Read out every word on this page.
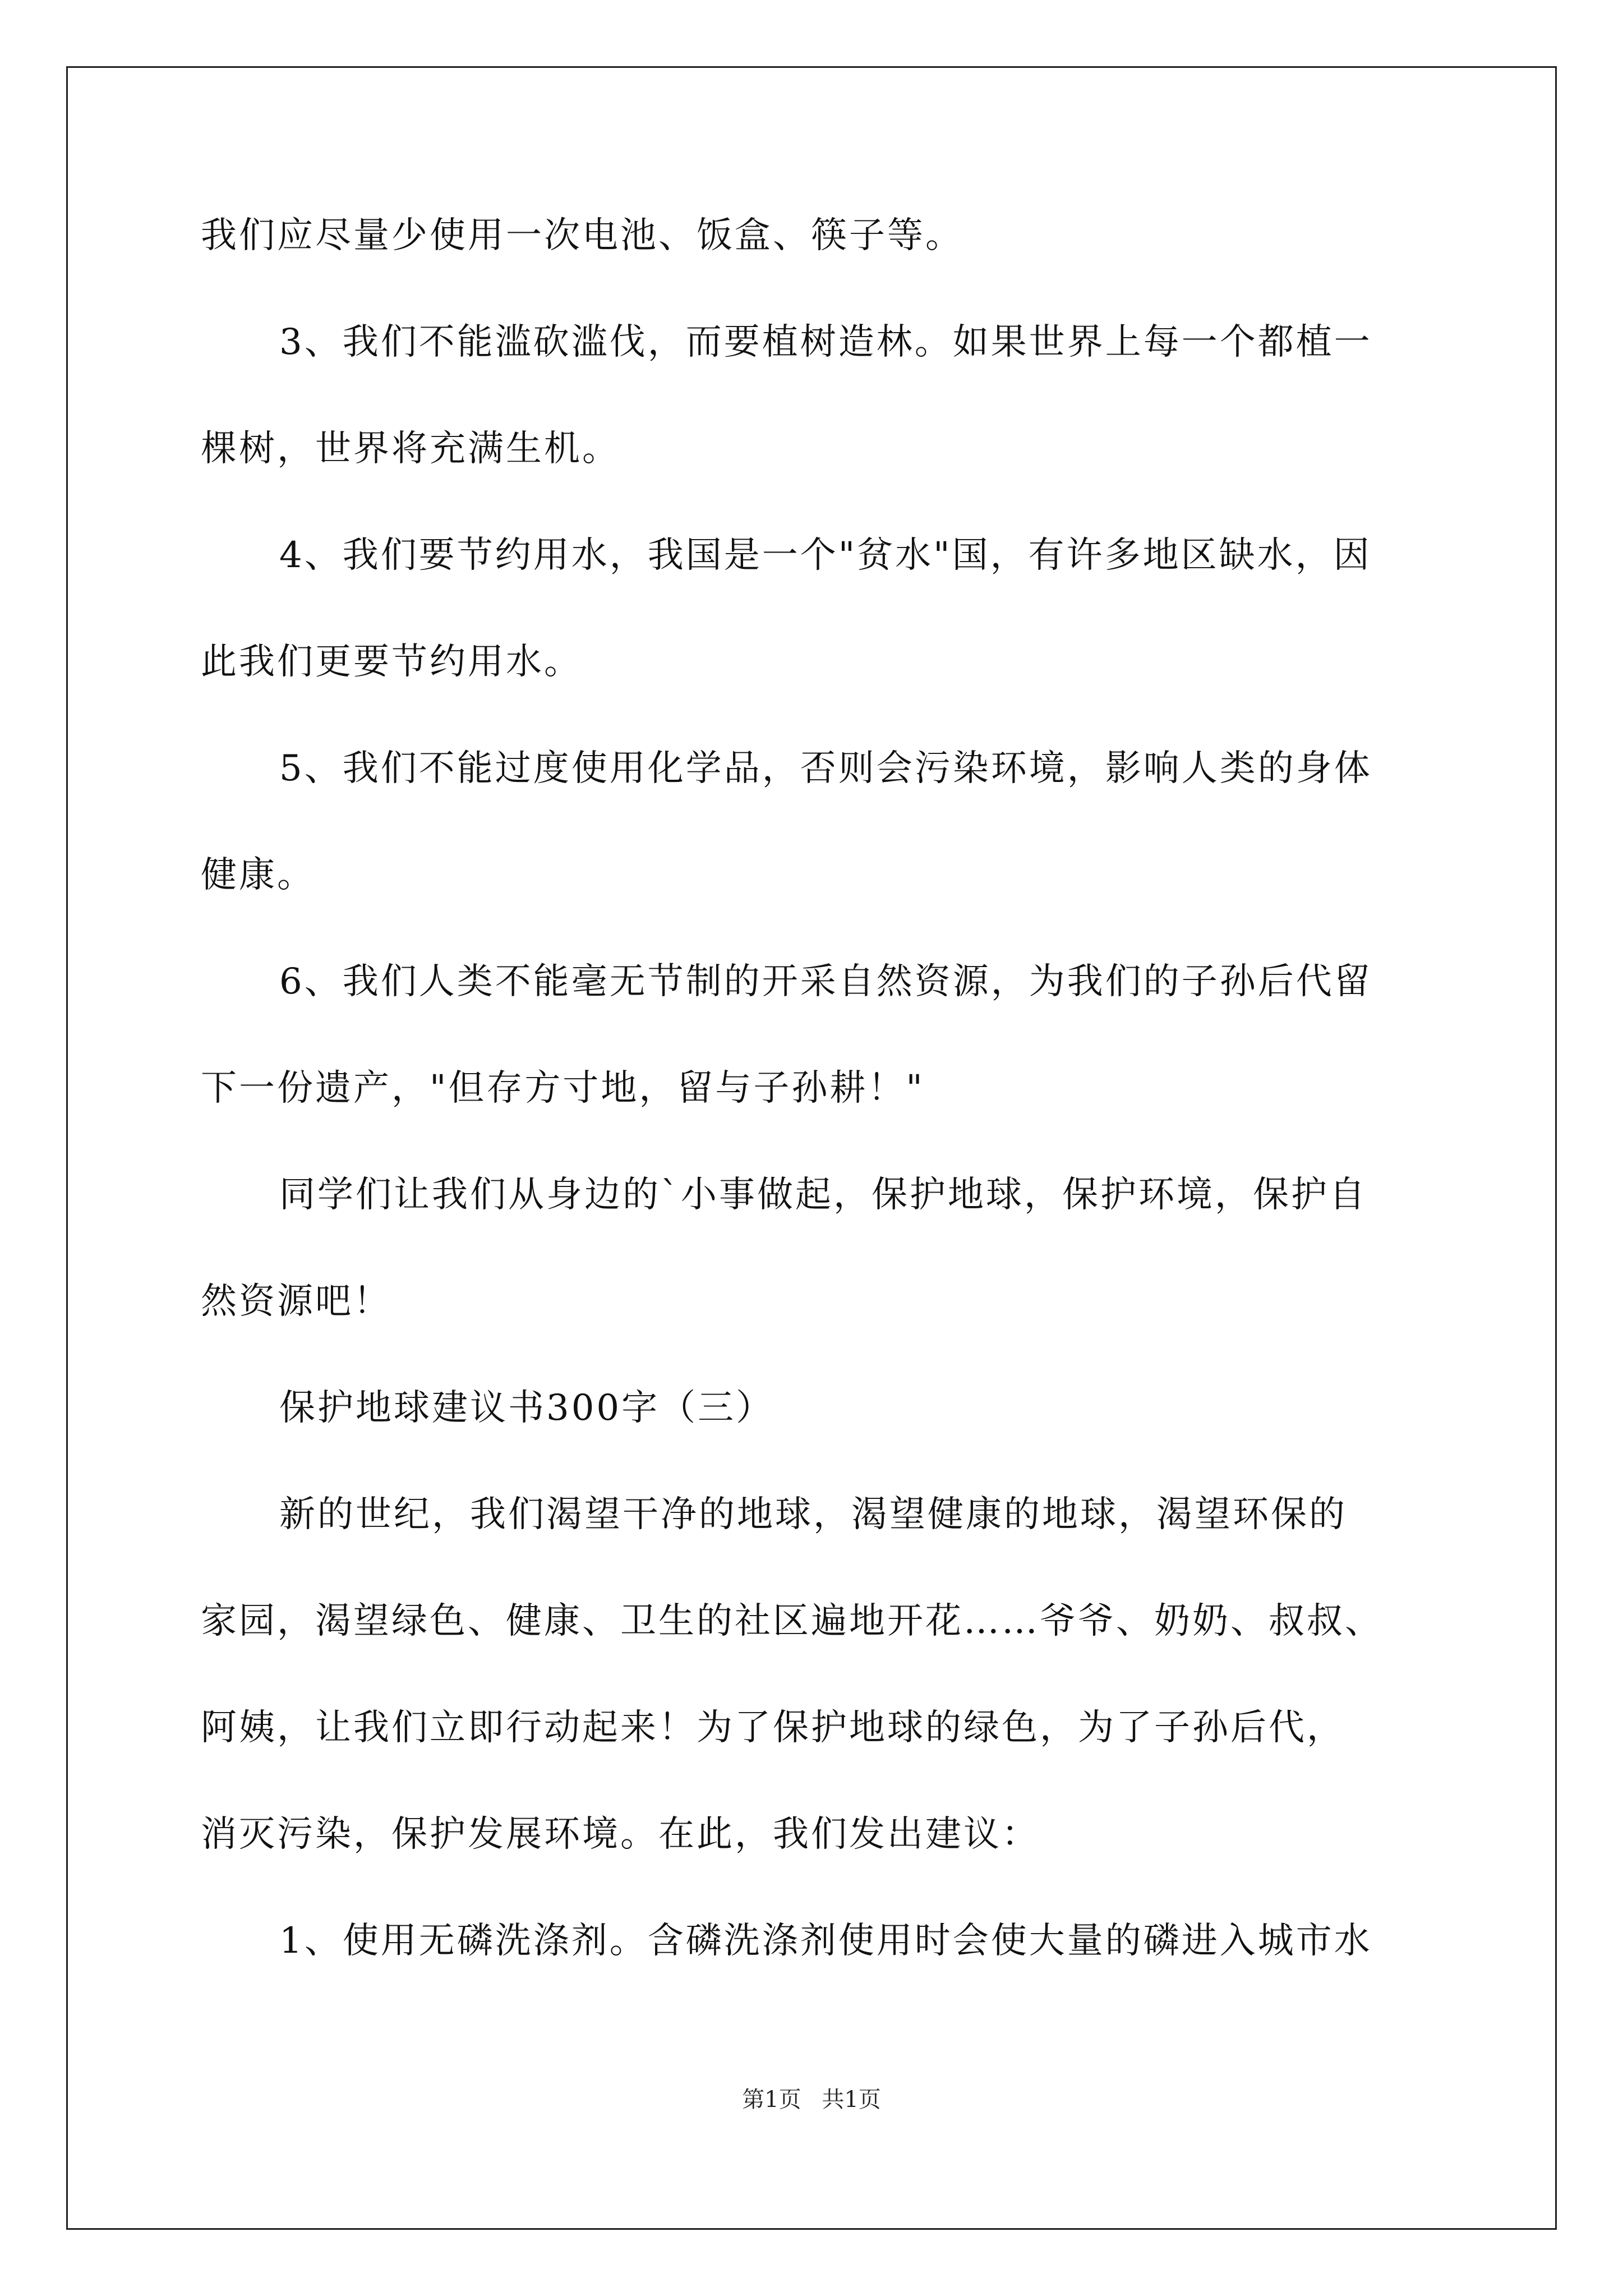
我们应尽量少使用一次电池、饭盒、筷子等。
3、我们不能滥砍滥伐，而要植树造林。如果世界上每一个都植一
棵树，世界将充满生机。
4、我们要节约用水，我国是一个"贫水"国，有许多地区缺水，因
此我们更要节约用水。
5、我们不能过度使用化学品，否则会污染环境，影响人类的身体
健康。
6、我们人类不能毫无节制的开采自然资源，为我们的子孙后代留
下一份遗产，"但存方寸地，留与子孙耕！"
同学们让我们从身边的`小事做起，保护地球，保护环境，保护自
然资源吧！
保护地球建议书300字（三）
新的世纪，我们渴望干净的地球，渴望健康的地球，渴望环保的
家园，渴望绿色、健康、卫生的社区遍地开花……爷爷、奶奶、叔叔、
阿姨，让我们立即行动起来！为了保护地球的绿色，为了子孙后代，
消灭污染，保护发展环境。在此，我们发出建议：
1、使用无磷洗涤剂。含磷洗涤剂使用时会使大量的磷进入城市水
第1页 共1页
